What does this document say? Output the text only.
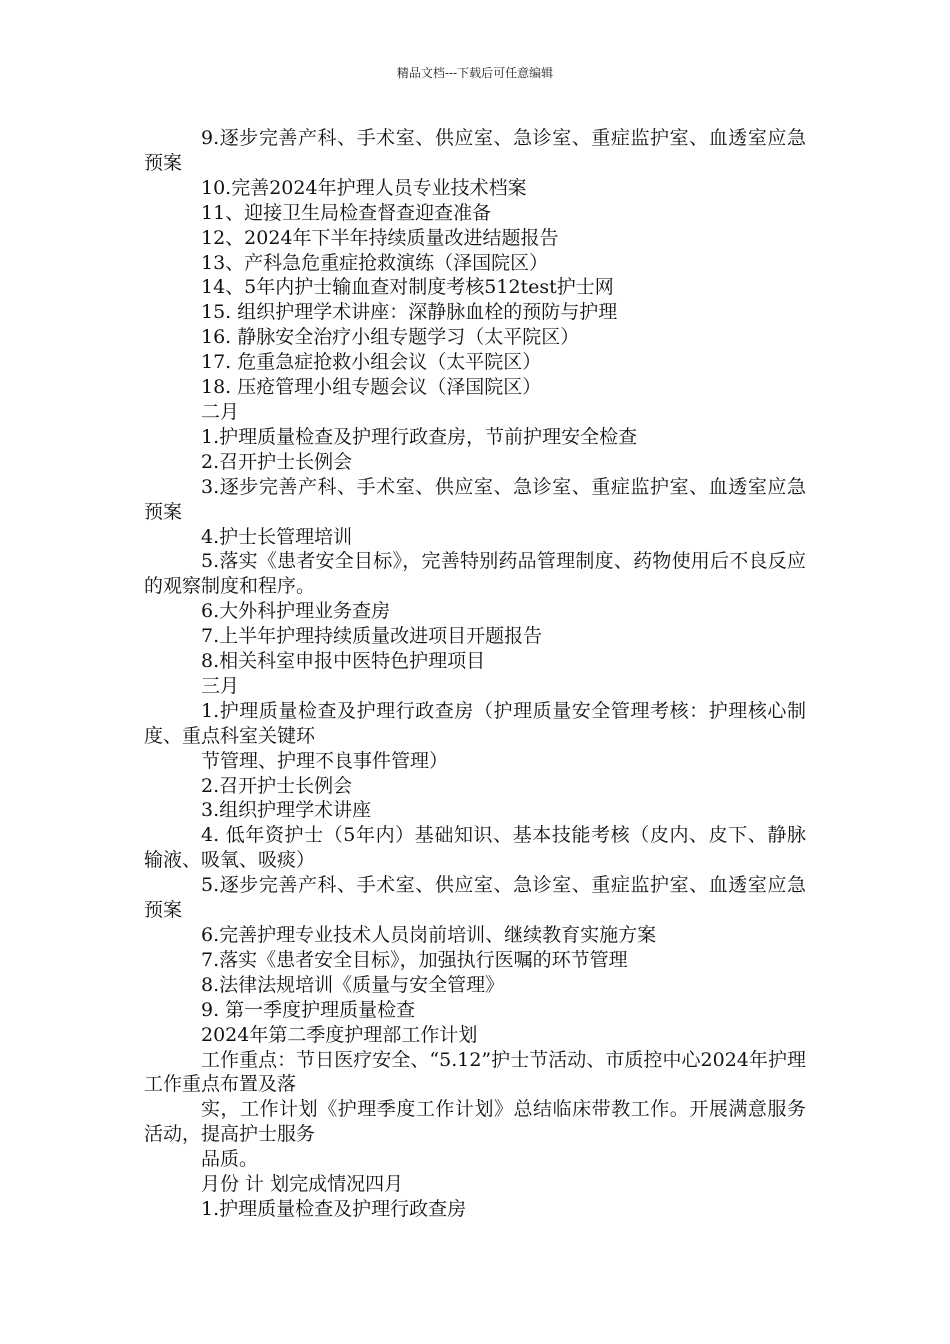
精品文档---下载后可任意编辑

9.逐步完善产科、手术室、供应室、急诊室、重症监护室、血透室应急预案

10.完善2024年护理人员专业技术档案

11、迎接卫生局检查督查迎查准备

12、2024年下半年持续质量改进结题报告

13、产科急危重症抢救演练（泽国院区）

14、5年内护士输血查对制度考核512test护士网

15. 组织护理学术讲座：深静脉血栓的预防与护理

16. 静脉安全治疗小组专题学习（太平院区）

17. 危重急症抢救小组会议（太平院区）

18. 压疮管理小组专题会议（泽国院区）

二月

1.护理质量检查及护理行政查房，节前护理安全检查

2.召开护士长例会

3.逐步完善产科、手术室、供应室、急诊室、重症监护室、血透室应急预案

4.护士长管理培训

5.落实《患者安全目标》，完善特别药品管理制度、药物使用后不良反应的观察制度和程序。

6.大外科护理业务查房

7.上半年护理持续质量改进项目开题报告

8.相关科室申报中医特色护理项目

三月

1.护理质量检查及护理行政查房（护理质量安全管理考核：护理核心制度、重点科室关键环

节管理、护理不良事件管理）

2.召开护士长例会

3.组织护理学术讲座

4. 低年资护士（5年内）基础知识、基本技能考核（皮内、皮下、静脉输液、吸氧、吸痰）

5.逐步完善产科、手术室、供应室、急诊室、重症监护室、血透室应急预案

6.完善护理专业技术人员岗前培训、继续教育实施方案

7.落实《患者安全目标》，加强执行医嘱的环节管理

8.法律法规培训《质量与安全管理》

9. 第一季度护理质量检查

2024年第二季度护理部工作计划

工作重点：节日医疗安全、“5.12”护士节活动、市质控中心2024年护理工作重点布置及落

实，工作计划《护理季度工作计划》总结临床带教工作。开展满意服务活动，提高护士服务

品质。

月份 计 划完成情况四月

1.护理质量检查及护理行政查房
